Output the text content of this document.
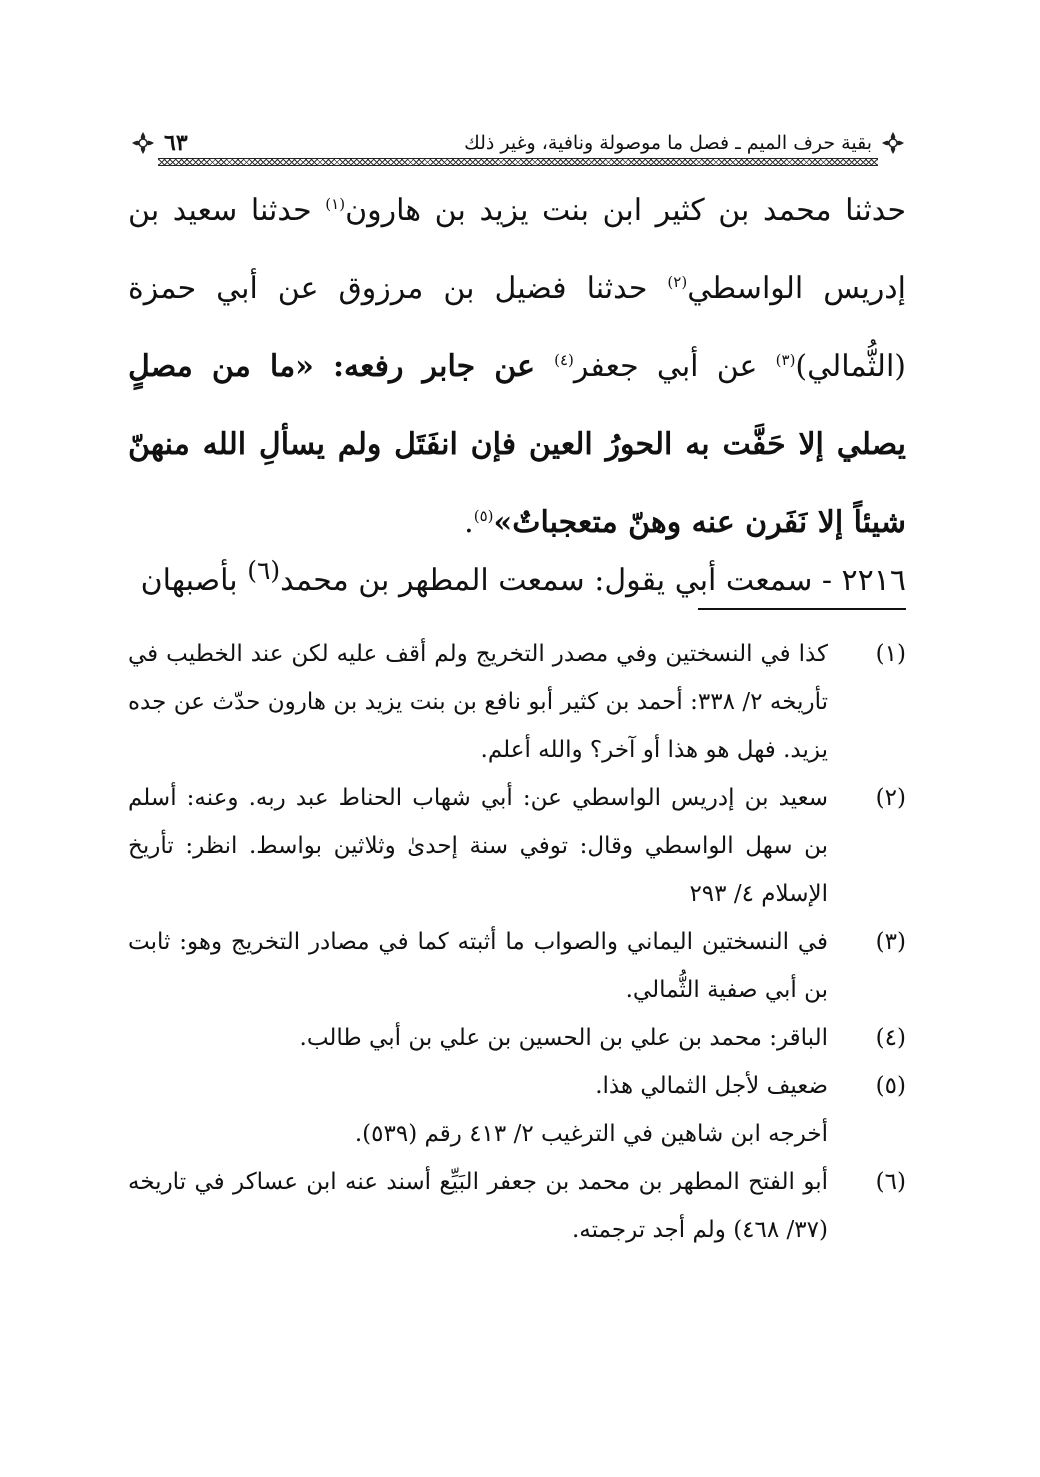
بقية حرف الميم ـ فصل ما موصولة ونافية، وغير ذلك
٦٣
حدثنا محمد بن كثير ابن بنت يزيد بن هارون$^{(١)}$ حدثنا سعيد بن إدريس الواسطي$^{(٢)}$ حدثنا فضيل بن مرزوق عن أبي حمزة (الثُّمالي)$^{(٣)}$ عن أبي جعفر$^{(٤)}$ عن جابر رفعه: «ما من مصلٍ يصلي إلا حَفَّت به الحورُ العين فإن انفَتَل ولم يسألِ الله منهنّ شيئاً إلا نَفَرن عنه وهنّ متعجباتٌ»$^{(٥)}$.
٢٢١٦ - سمعت أبي يقول: سمعت المطهر بن محمد$^{(٦)}$ بأصبهان
(١)
كذا في النسختين وفي مصدر التخريج ولم أقف عليه لكن عند الخطيب في تأريخه ٢/ ٣٣٨: أحمد بن كثير أبو نافع بن بنت يزيد بن هارون حدّث عن جده يزيد. فهل هو هذا أو آخر؟ والله أعلم.
(٢)
سعيد بن إدريس الواسطي عن: أبي شهاب الحناط عبد ربه. وعنه: أسلم بن سهل الواسطي وقال: توفي سنة إحدىٰ وثلاثين بواسط. انظر: تأريخ الإسلام ٤/ ٢٩٣
(٣)
في النسختين اليماني والصواب ما أثبته كما في مصادر التخريج وهو: ثابت بن أبي صفية الثُّمالي.
(٤)
الباقر: محمد بن علي بن الحسين بن علي بن أبي طالب.
(٥)
ضعيف لأجل الثمالي هذا.
أخرجه ابن شاهين في الترغيب ٢/ ٤١٣ رقم (٥٣٩).
(٦)
أبو الفتح المطهر بن محمد بن جعفر البَيِّع أسند عنه ابن عساكر في تاريخه (٣٧/ ٤٦٨) ولم أجد ترجمته.
